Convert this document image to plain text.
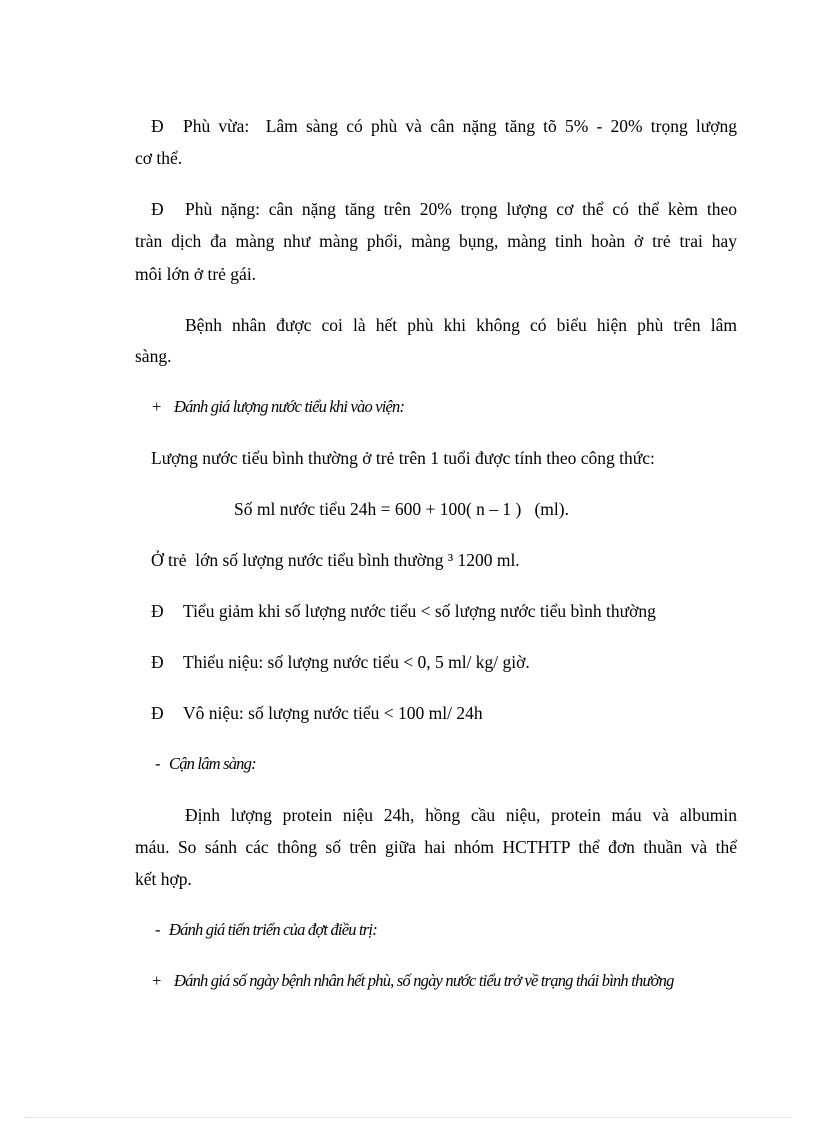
Đ Phù vừa: Lâm sàng có phù và cân nặng tăng tõ 5% - 20% trọng lượng
cơ thể.
Đ Phù nặng: cân nặng tăng trên 20% trọng lượng cơ thể có thể kèm theo
tràn dịch đa màng như màng phổi, màng bụng, màng tinh hoàn ở trẻ trai hay
môi lớn ở trẻ gái.
Bệnh nhân được coi là hết phù khi không có biểu hiện phù trên lâm
sàng.
+ Đánh giá lượng nước tiểu khi vào viện:
Lượng nước tiểu bình thường ở trẻ trên 1 tuổi được tính theo công thức:
Số ml nước tiểu 24h = 600 + 100( n – 1 )   (ml).
Ở trẻ  lớn số lượng nước tiểu bình thường ³ 1200 ml.
Đ Tiểu giảm khi số lượng nước tiểu < số lượng nước tiểu bình thường
Đ Thiểu niệu: số lượng nước tiểu < 0, 5 ml/ kg/ giờ.
Đ Vô niệu: số lượng nước tiểu < 100 ml/ 24h
- Cận lâm sàng:
Định lượng protein niệu 24h, hồng cầu niệu, protein máu và albumin
máu. So sánh các thông số trên giữa hai nhóm HCTHTP thể đơn thuần và thể
kết hợp.
- Đánh giá tiến triển của đợt điều trị:
+ Đánh giá số ngày bệnh nhân hết phù, số ngày nước tiểu trở về trạng thái bình thường
